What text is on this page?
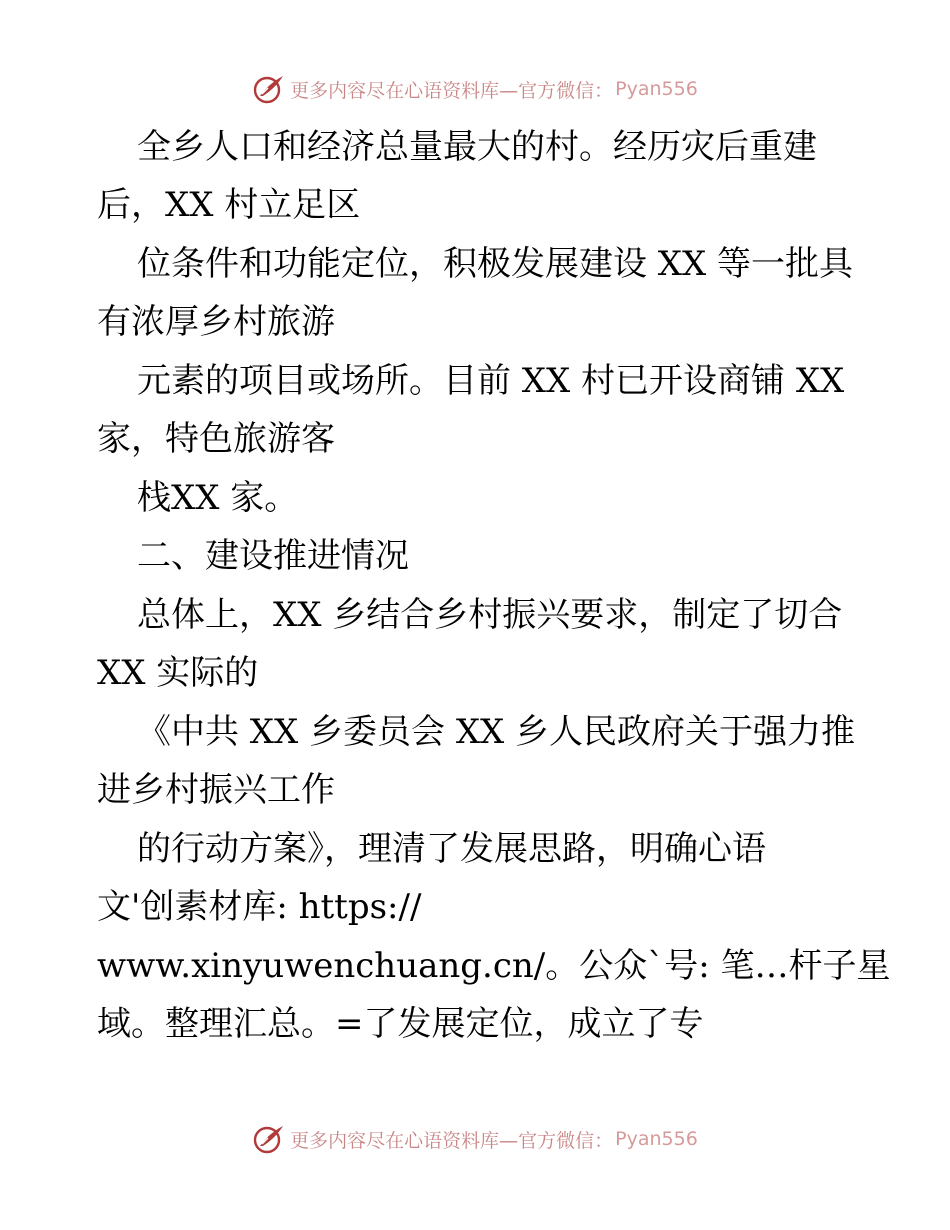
更多内容尽在心语资料库—官方微信： Pyan556
全乡人口和经济总量最大的村。经历灾后重建
后，XX 村立足区
位条件和功能定位，积极发展建设 XX 等一批具
有浓厚乡村旅游
元素的项目或场所。目前 XX 村已开设商铺 XX
家，特色旅游客
栈XX 家。
二、建设推进情况
总体上，XX 乡结合乡村振兴要求，制定了切合
XX 实际的
《中共 XX 乡委员会 XX 乡人民政府关于强力推
进乡村振兴工作
的行动方案》，理清了发展思路，明确心语
文'创素材库: https://
www.xinyuwenchuang.cn/。公众`号: 笔…杆子星
域。整理汇总。=了发展定位，成立了专
更多内容尽在心语资料库—官方微信： Pyan556
